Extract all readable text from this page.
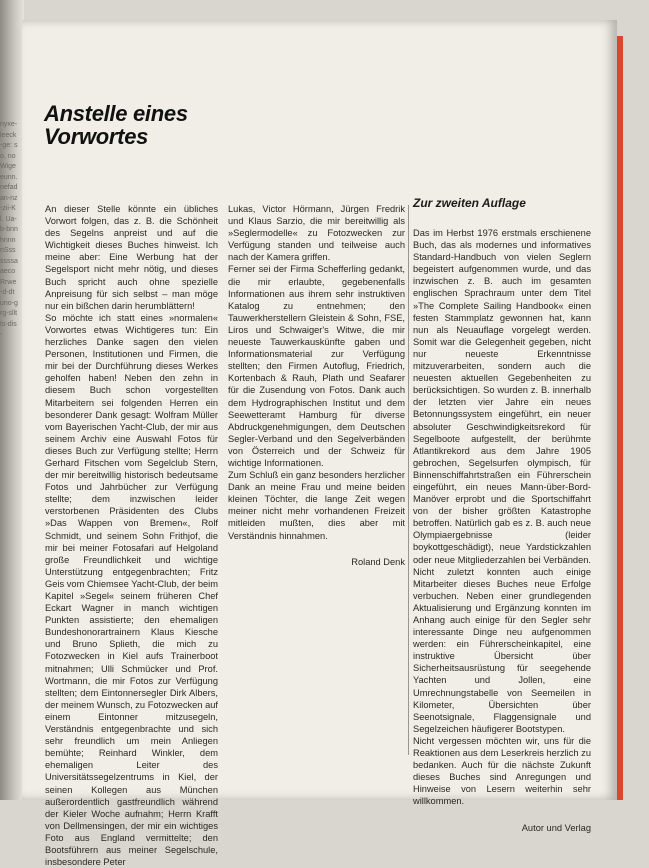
nyxe-leeck-ge: so, noWigeeunn. nefadan-nz-zii-Kl. Ua-b-bnnhnnnnSssssssaaecoRrwe-d-dtuno-grg-slltts-dis-
Anstelle eines
Vorwortes

An dieser Stelle könnte ein übliches Vorwort folgen, das z. B. die Schönheit des Segelns anpreist und auf die Wichtigkeit dieses Buches hinweist. Ich meine aber: Eine Werbung hat der Segelsport nicht mehr nötig, und dieses Buch spricht auch ohne spezielle Anpreisung für sich selbst – man möge nur ein bißchen darin herumblättern!

So möchte ich statt eines »normalen« Vorwortes etwas Wichtigeres tun: Ein herzliches Danke sagen den vielen Personen, Institutionen und Firmen, die mir bei der Durchführung dieses Werkes geholfen haben! Neben den zehn in diesem Buch schon vorgestellten Mitarbeitern sei folgenden Herren ein besonderer Dank gesagt: Wolfram Müller vom Bayerischen Yacht-Club, der mir aus seinem Archiv eine Auswahl Fotos für dieses Buch zur Verfügung stellte; Herrn Gerhard Fitschen vom Segelclub Stern, der mir bereitwillig historisch bedeutsame Fotos und Jahrbücher zur Verfügung stellte; dem inzwischen leider verstorbenen Präsidenten des Clubs »Das Wappen von Bremen«, Rolf Schmidt, und seinem Sohn Frithjof, die mir bei meiner Fotosafari auf Helgoland große Freundlichkeit und wichtige Unterstützung entgegenbrachten; Fritz Geis vom Chiemsee Yacht-Club, der beim Kapitel »Segel« seinem früheren Chef Eckart Wagner in manch wichtigen Punkten assistierte; den ehemaligen Bundeshonorartrainern Klaus Kiesche und Bruno Splieth, die mich zu Fotozwecken in Kiel aufs Trainerboot mitnahmen; Ulli Schmücker und Prof. Wortmann, die mir Fotos zur Verfügung stellten; dem Eintonnersegler Dirk Albers, der meinem Wunsch, zu Fotozwecken auf einem Eintonner mitzusegeln, Verständnis entgegenbrachte und sich sehr freundlich um mein Anliegen bemühte; Reinhard Winkler, dem ehemaligen Leiter des Universitätssegelzentrums in Kiel, der seinen Kollegen aus München außerordentlich gastfreundlich während der Kieler Woche aufnahm; Herrn Krafft von Dellmensingen, der mir ein wichtiges Foto aus England vermittelte; den Bootsführern aus meiner Segelschule, insbesondere Peter

Lukas, Victor Hörmann, Jürgen Fredrik und Klaus Sarzio, die mir bereitwillig als »Seglermodelle« zu Fotozwecken zur Verfügung standen und teilweise auch nach der Kamera griffen.

Ferner sei der Firma Schefferling gedankt, die mir erlaubte, gegebenenfalls Informationen aus ihrem sehr instruktiven Katalog zu entnehmen; den Tauwerkherstellern Gleistein & Sohn, FSE, Liros und Schwaiger's Witwe, die mir neueste Tauwerkauskünfte gaben und Informationsmaterial zur Verfügung stellten; den Firmen Autoflug, Friedrich, Kortenbach & Rauh, Plath und Seafarer für die Zusendung von Fotos. Dank auch dem Hydrographischen Institut und dem Seewetteramt Hamburg für diverse Abdruckgenehmigungen, dem Deutschen Segler-Verband und den Segelverbänden von Österreich und der Schweiz für wichtige Informationen.

Zum Schluß ein ganz besonders herzlicher Dank an meine Frau und meine beiden kleinen Töchter, die lange Zeit wegen meiner nicht mehr vorhandenen Freizeit mitleiden mußten, dies aber mit Verständnis hinnahmen.

Roland Denk

Zur zweiten Auflage

Das im Herbst 1976 erstmals erschienene Buch, das als modernes und informatives Standard-Handbuch von vielen Seglern begeistert aufgenommen wurde, und das inzwischen z. B. auch im gesamten englischen Sprachraum unter dem Titel »The Complete Sailing Handbook« einen festen Stammplatz gewonnen hat, kann nun als Neuauflage vorgelegt werden. Somit war die Gelegenheit gegeben, nicht nur neueste Erkenntnisse mitzuverarbeiten, sondern auch die neuesten aktuellen Gegebenheiten zu berücksichtigen. So wurden z. B. innerhalb der letzten vier Jahre ein neues Betonnungssystem eingeführt, ein neuer absoluter Geschwindigkeitsrekord für Segelboote aufgestellt, der berühmte Atlantikrekord aus dem Jahre 1905 gebrochen, Segelsurfen olympisch, für Binnenschiffahrtstraßen ein Führerschein eingeführt, ein neues Mann-über-Bord-Manöver erprobt und die Sportschiffahrt von der bisher größten Katastrophe betroffen. Natürlich gab es z. B. auch neue Olympiaergebnisse (leider boykottgeschädigt), neue Yardstickzahlen oder neue Mitgliederzahlen bei Verbänden. Nicht zuletzt konnten auch einige Mitarbeiter dieses Buches neue Erfolge verbuchen. Neben einer grundlegenden Aktualisierung und Ergänzung konnten im Anhang auch einige für den Segler sehr interessante Dinge neu aufgenommen werden: ein Führerscheinkapitel, eine instruktive Übersicht über Sicherheitsausrüstung für seegehende Yachten und Jollen, eine Umrechnungstabelle von Seemeilen in Kilometer, Übersichten über Seenotsignale, Flaggensignale und Segelzeichen häufigerer Bootstypen.

Nicht vergessen möchten wir, uns für die Reaktionen aus dem Leserkreis herzlich zu bedanken. Auch für die nächste Zukunft dieses Buches sind Anregungen und Hinweise von Lesern weiterhin sehr willkommen.

Autor und Verlag
